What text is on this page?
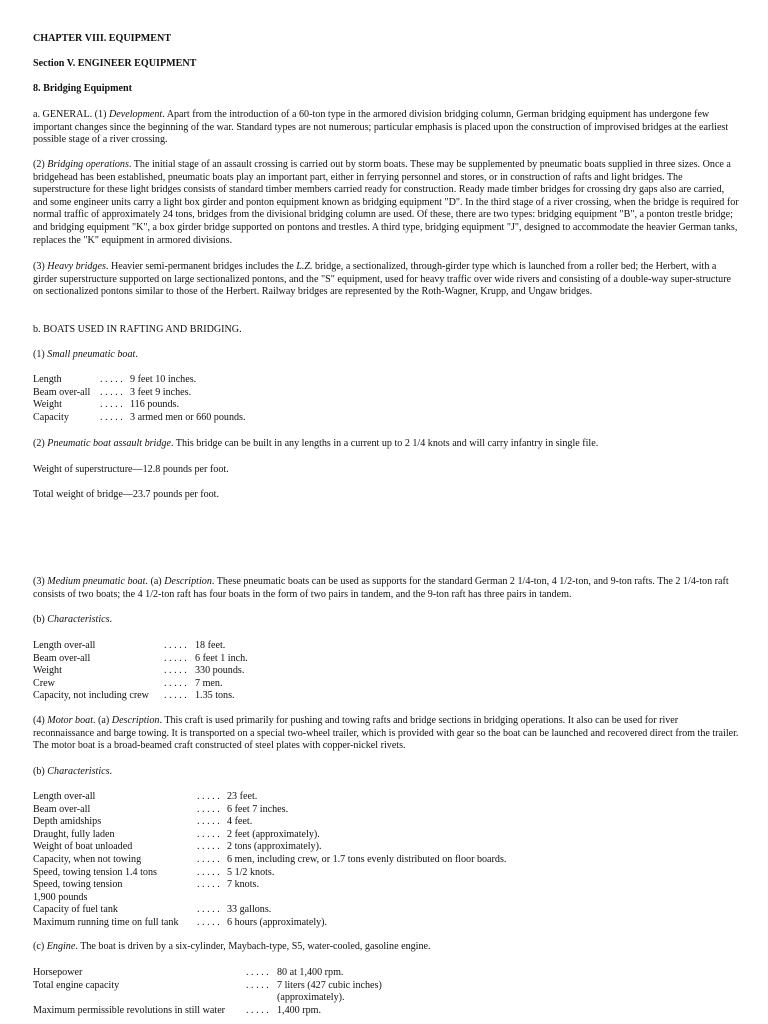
CHAPTER VIII. EQUIPMENT

Section V. ENGINEER EQUIPMENT

8. Bridging Equipment

a. GENERAL. (1) Development. Apart from the introduction of a 60-ton type in the armored division bridging column, German bridging equipment has undergone few important changes since the beginning of the war. Standard types are not numerous; particular emphasis is placed upon the construction of improvised bridges at the earliest possible stage of a river crossing.

(2) Bridging operations. The initial stage of an assault crossing is carried out by storm boats. These may be supplemented by pneumatic boats supplied in three sizes. Once a bridgehead has been established, pneumatic boats play an important part, either in ferrying personnel and stores, or in construction of rafts and light bridges. The superstructure for these light bridges consists of standard timber members carried ready for construction. Ready made timber bridges for crossing dry gaps also are carried, and some engineer units carry a light box girder and ponton equipment known as bridging equipment "D". In the third stage of a river crossing, when the bridge is required for normal traffic of approximately 24 tons, bridges from the divisional bridging column are used. Of these, there are two types: bridging equipment "B", a ponton trestle bridge; and bridging equipment "K", a box girder bridge supported on pontons and trestles. A third type, bridging equipment "J", designed to accommodate the heavier German tanks, replaces the "K" equipment in armored divisions.

(3) Heavy bridges. Heavier semi-permanent bridges includes the L.Z. bridge, a sectionalized, through-girder type which is launched from a roller bed; the Herbert, with a girder superstructure supported on large sectionalized pontons, and the "S" equipment, used for heavy traffic over wide rivers and consisting of a double-way super-structure on sectionalized pontons similar to those of the Herbert. Railway bridges are represented by the Roth-Wagner, Krupp, and Ungaw bridges.

b. BOATS USED IN RAFTING AND BRIDGING.

(1) Small pneumatic boat.

Length	. . . . . 9 feet 10 inches.
Beam over-all . . . . . 3 feet 9 inches.
Weight	. . . . . 116 pounds.
Capacity	. . . . . 3 armed men or 660 pounds.

(2) Pneumatic boat assault bridge. This bridge can be built in any lengths in a current up to 2 1/4 knots and will carry infantry in single file.

Weight of superstructure—12.8 pounds per foot.

Total weight of bridge—23.7 pounds per foot.

(3) Medium pneumatic boat. (a) Description. These pneumatic boats can be used as supports for the standard German 2 1/4-ton, 4 1/2-ton, and 9-ton rafts. The 2 1/4-ton raft consists of two boats; the 4 1/2-ton raft has four boats in the form of two pairs in tandem, and the 9-ton raft has three pairs in tandem.

(b) Characteristics.

Length over-all	. . . . . 18 feet.
Beam over-all	. . . . . 6 feet 1 inch.
Weight	. . . . . 330 pounds.
Crew	. . . . . 7 men.
Capacity, not including crew . . . . . 1.35 tons.

(4) Motor boat. (a) Description. This craft is used primarily for pushing and towing rafts and bridge sections in bridging operations. It also can be used for river reconnaissance and barge towing. It is transported on a special two-wheel trailer, which is provided with gear so the boat can be launched and recovered direct from the trailer. The motor boat is a broad-beamed craft constructed of steel plates with copper-nickel rivets.

(b) Characteristics.

Length over-all	. . . . . 23 feet.
Beam over-all	. . . . . 6 feet 7 inches.
Depth amidships	. . . . . 4 feet.
Draught, fully laden	. . . . . 2 feet (approximately).
Weight of boat unloaded	. . . . . 2 tons (approximately).
Capacity, when not towing	. . . . . 6 men, including crew, or 1.7 tons evenly distributed on floor boards.
Speed, towing tension 1.4 tons	. . . . . 5 1/2 knots.
Speed, towing tension	. . . . . 7 knots.
1,900 pounds
Capacity of fuel tank	. . . . . 33 gallons.
Maximum running time on full tank . . . . . 6 hours (approximately).

(c) Engine. The boat is driven by a six-cylinder, Maybach-type, S5, water-cooled, gasoline engine.

Horsepower	. . . . . 80 at 1,400 rpm.
Total engine capacity	. . . . . 7 liters (427 cubic inches)
(approximately).
Maximum permissible revolutions in still water . . . . . 1,400 rpm.
